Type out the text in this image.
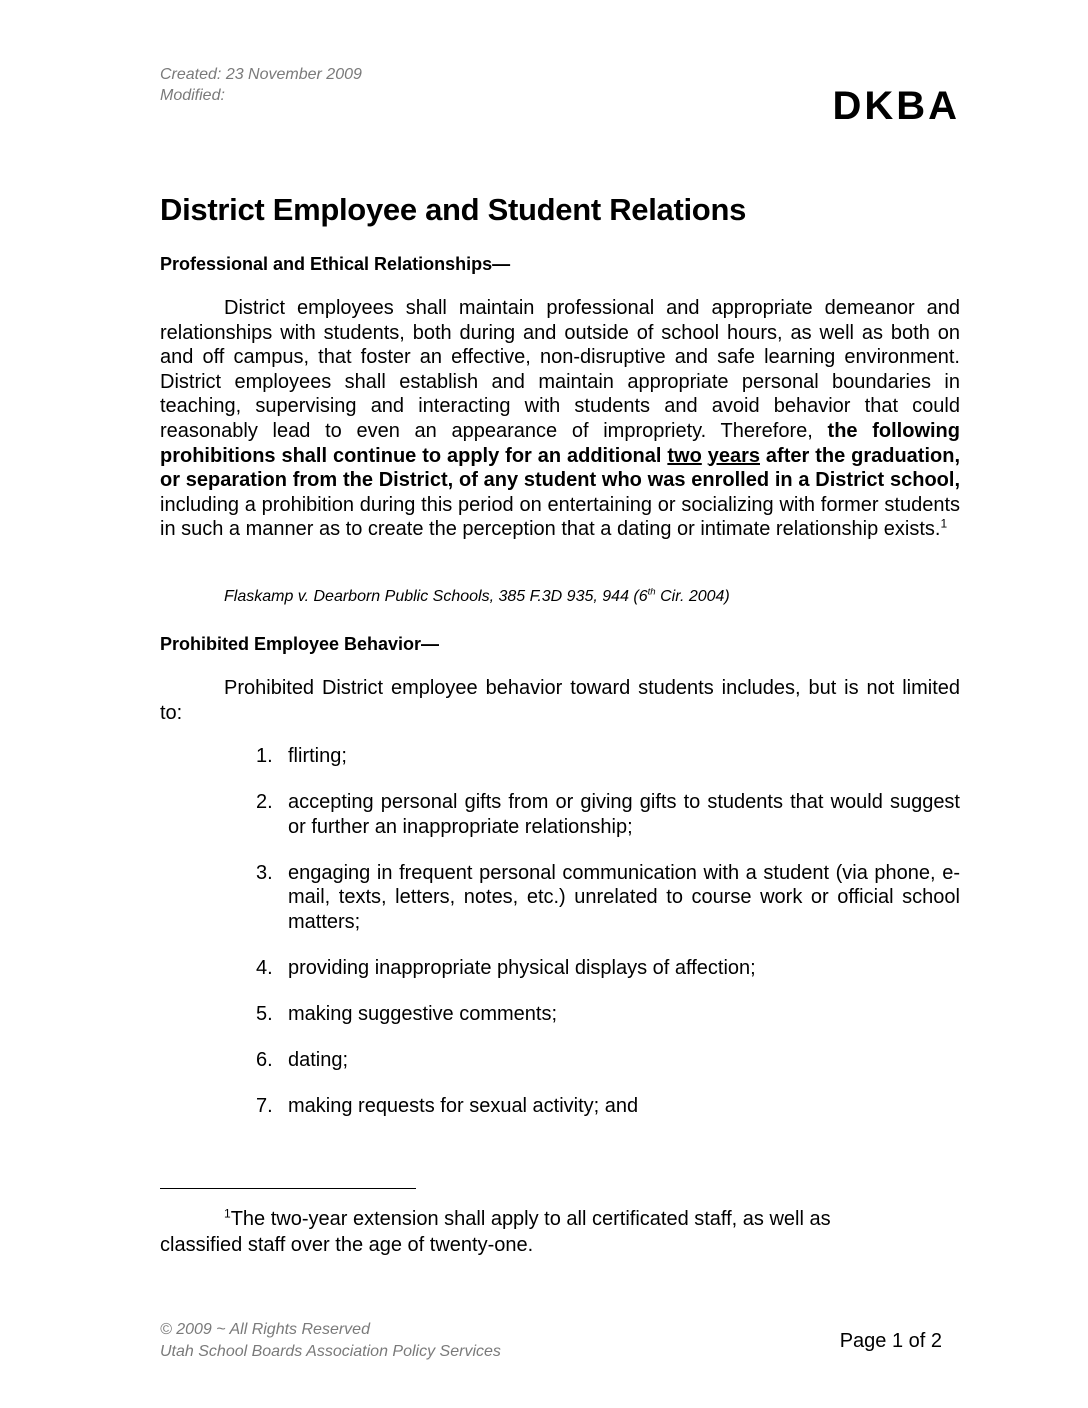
Created: 23 November 2009
Modified:	DKBA
District Employee and Student Relations
Professional and Ethical Relationships—

District employees shall maintain professional and appropriate demeanor and relationships with students, both during and outside of school hours, as well as both on and off campus, that foster an effective, non-disruptive and safe learning environment. District employees shall establish and maintain appropriate personal boundaries in teaching, supervising and interacting with students and avoid behavior that could reasonably lead to even an appearance of impropriety. Therefore, the following prohibitions shall continue to apply for an additional two years after the graduation, or separation from the District, of any student who was enrolled in a District school, including a prohibition during this period on entertaining or socializing with former students in such a manner as to create the perception that a dating or intimate relationship exists.$^1$

Flaskamp v. Dearborn Public Schools, 385 F.3D 935, 944 (6th Cir. 2004)

Prohibited Employee Behavior—

Prohibited District employee behavior toward students includes, but is not limited to:

1. flirting;
2. accepting personal gifts from or giving gifts to students that would suggest or further an inappropriate relationship;
3. engaging in frequent personal communication with a student (via phone, e-mail, texts, letters, notes, etc.) unrelated to course work or official school matters;
4. providing inappropriate physical displays of affection;
5. making suggestive comments;
6. dating;
7. making requests for sexual activity; and

$^1$The two-year extension shall apply to all certificated staff, as well as classified staff over the age of twenty-one.

© 2009 ~ All Rights Reserved
Utah School Boards Association Policy Services	Page 1 of 2
